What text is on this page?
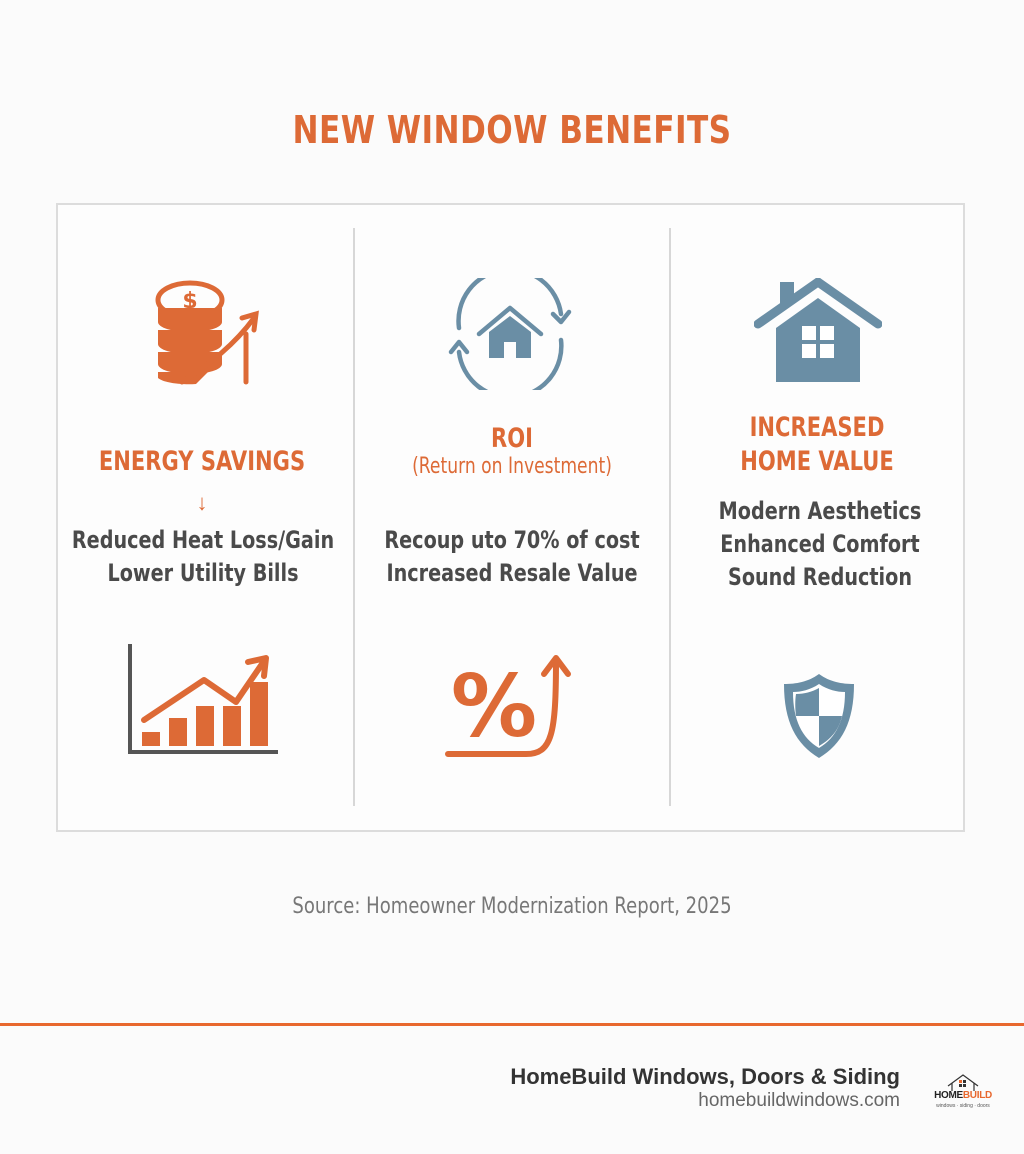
NEW WINDOW BENEFITS
$
ENERGY SAVINGS
↓
Reduced Heat Loss/Gain
Lower Utility Bills
ROI
(Return on Investment)
Recoup uto 70% of cost
Increased Resale Value
%
INCREASED
HOME VALUE
Modern Aesthetics
Enhanced Comfort
Sound Reduction
Source: Homeowner Modernization Report, 2025
HomeBuild Windows, Doors & Siding
homebuildwindows.com	HOMEBUILD
windows · siding · doors
